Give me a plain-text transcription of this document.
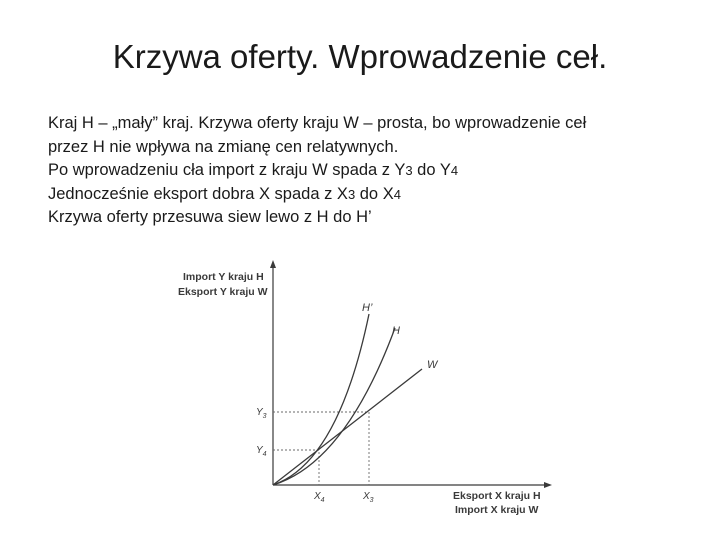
Krzywa oferty. Wprowadzenie ceł.

Kraj H – „mały” kraj. Krzywa oferty kraju W – prosta, bo wprowadzenie ceł

przez H nie wpływa na zmianę cen relatywnych.

Po wprowadzeniu cła import z kraju W spada z Y3 do Y4

Jednocześnie eksport dobra X spada z X3 do X4

Krzywa oferty przesuwa siew lewo z H do H’

H’
H
W
Import Y kraju H
Eksport Y kraju W
Eksport X kraju H
Import X kraju W
$Y_3$
$Y_4$
$X_4$	$X_3$
